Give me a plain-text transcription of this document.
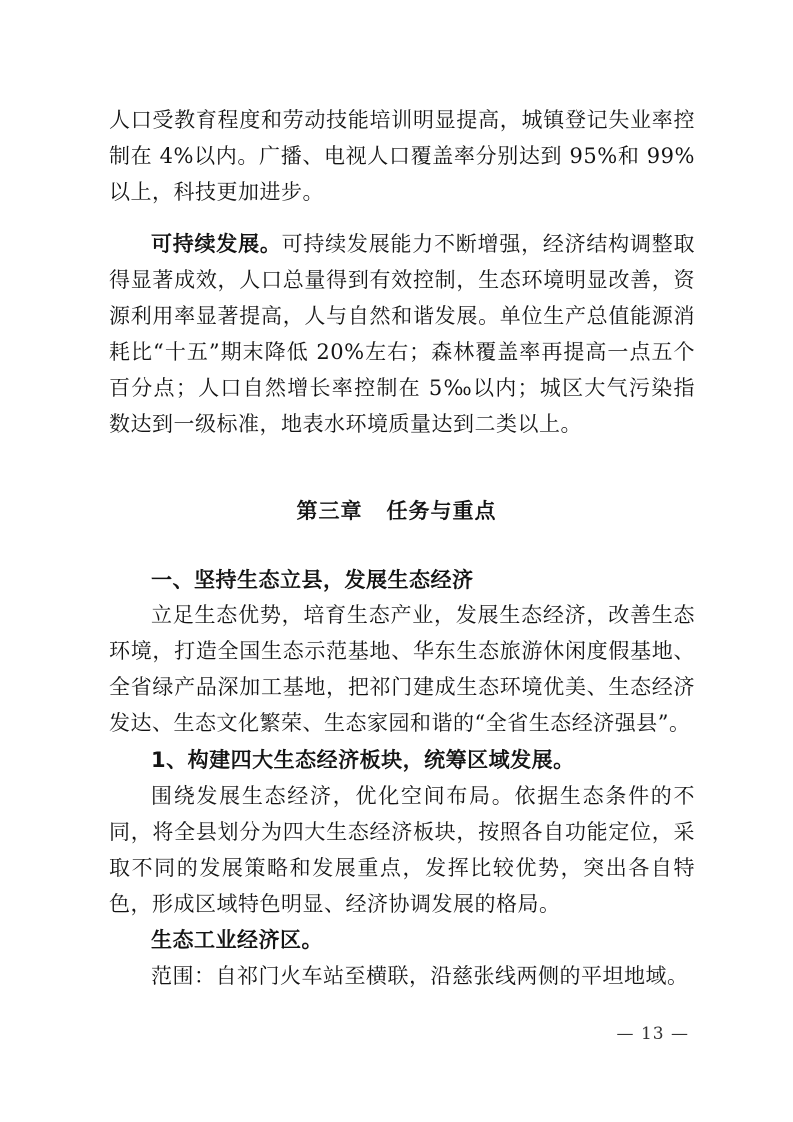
人口受教育程度和劳动技能培训明显提高，城镇登记失业率控制在 4%以内。广播、电视人口覆盖率分别达到 95%和 99%以上，科技更加进步。

可持续发展。可持续发展能力不断增强，经济结构调整取得显著成效，人口总量得到有效控制，生态环境明显改善，资源利用率显著提高，人与自然和谐发展。单位生产总值能源消耗比“十五”期末降低 20%左右；森林覆盖率再提高一点五个百分点；人口自然增长率控制在 5‰以内；城区大气污染指数达到一级标准，地表水环境质量达到二类以上。

第三章 任务与重点
一、坚持生态立县，发展生态经济

立足生态优势，培育生态产业，发展生态经济，改善生态环境，打造全国生态示范基地、华东生态旅游休闲度假基地、全省绿产品深加工基地，把祁门建成生态环境优美、生态经济发达、生态文化繁荣、生态家园和谐的“全省生态经济强县”。

1、构建四大生态经济板块，统筹区域发展。

围绕发展生态经济，优化空间布局。依据生态条件的不同，将全县划分为四大生态经济板块，按照各自功能定位，采取不同的发展策略和发展重点，发挥比较优势，突出各自特色，形成区域特色明显、经济协调发展的格局。

生态工业经济区。
范围：自祁门火车站至横联，沿慈张线两侧的平坦地域。
— 13 —
